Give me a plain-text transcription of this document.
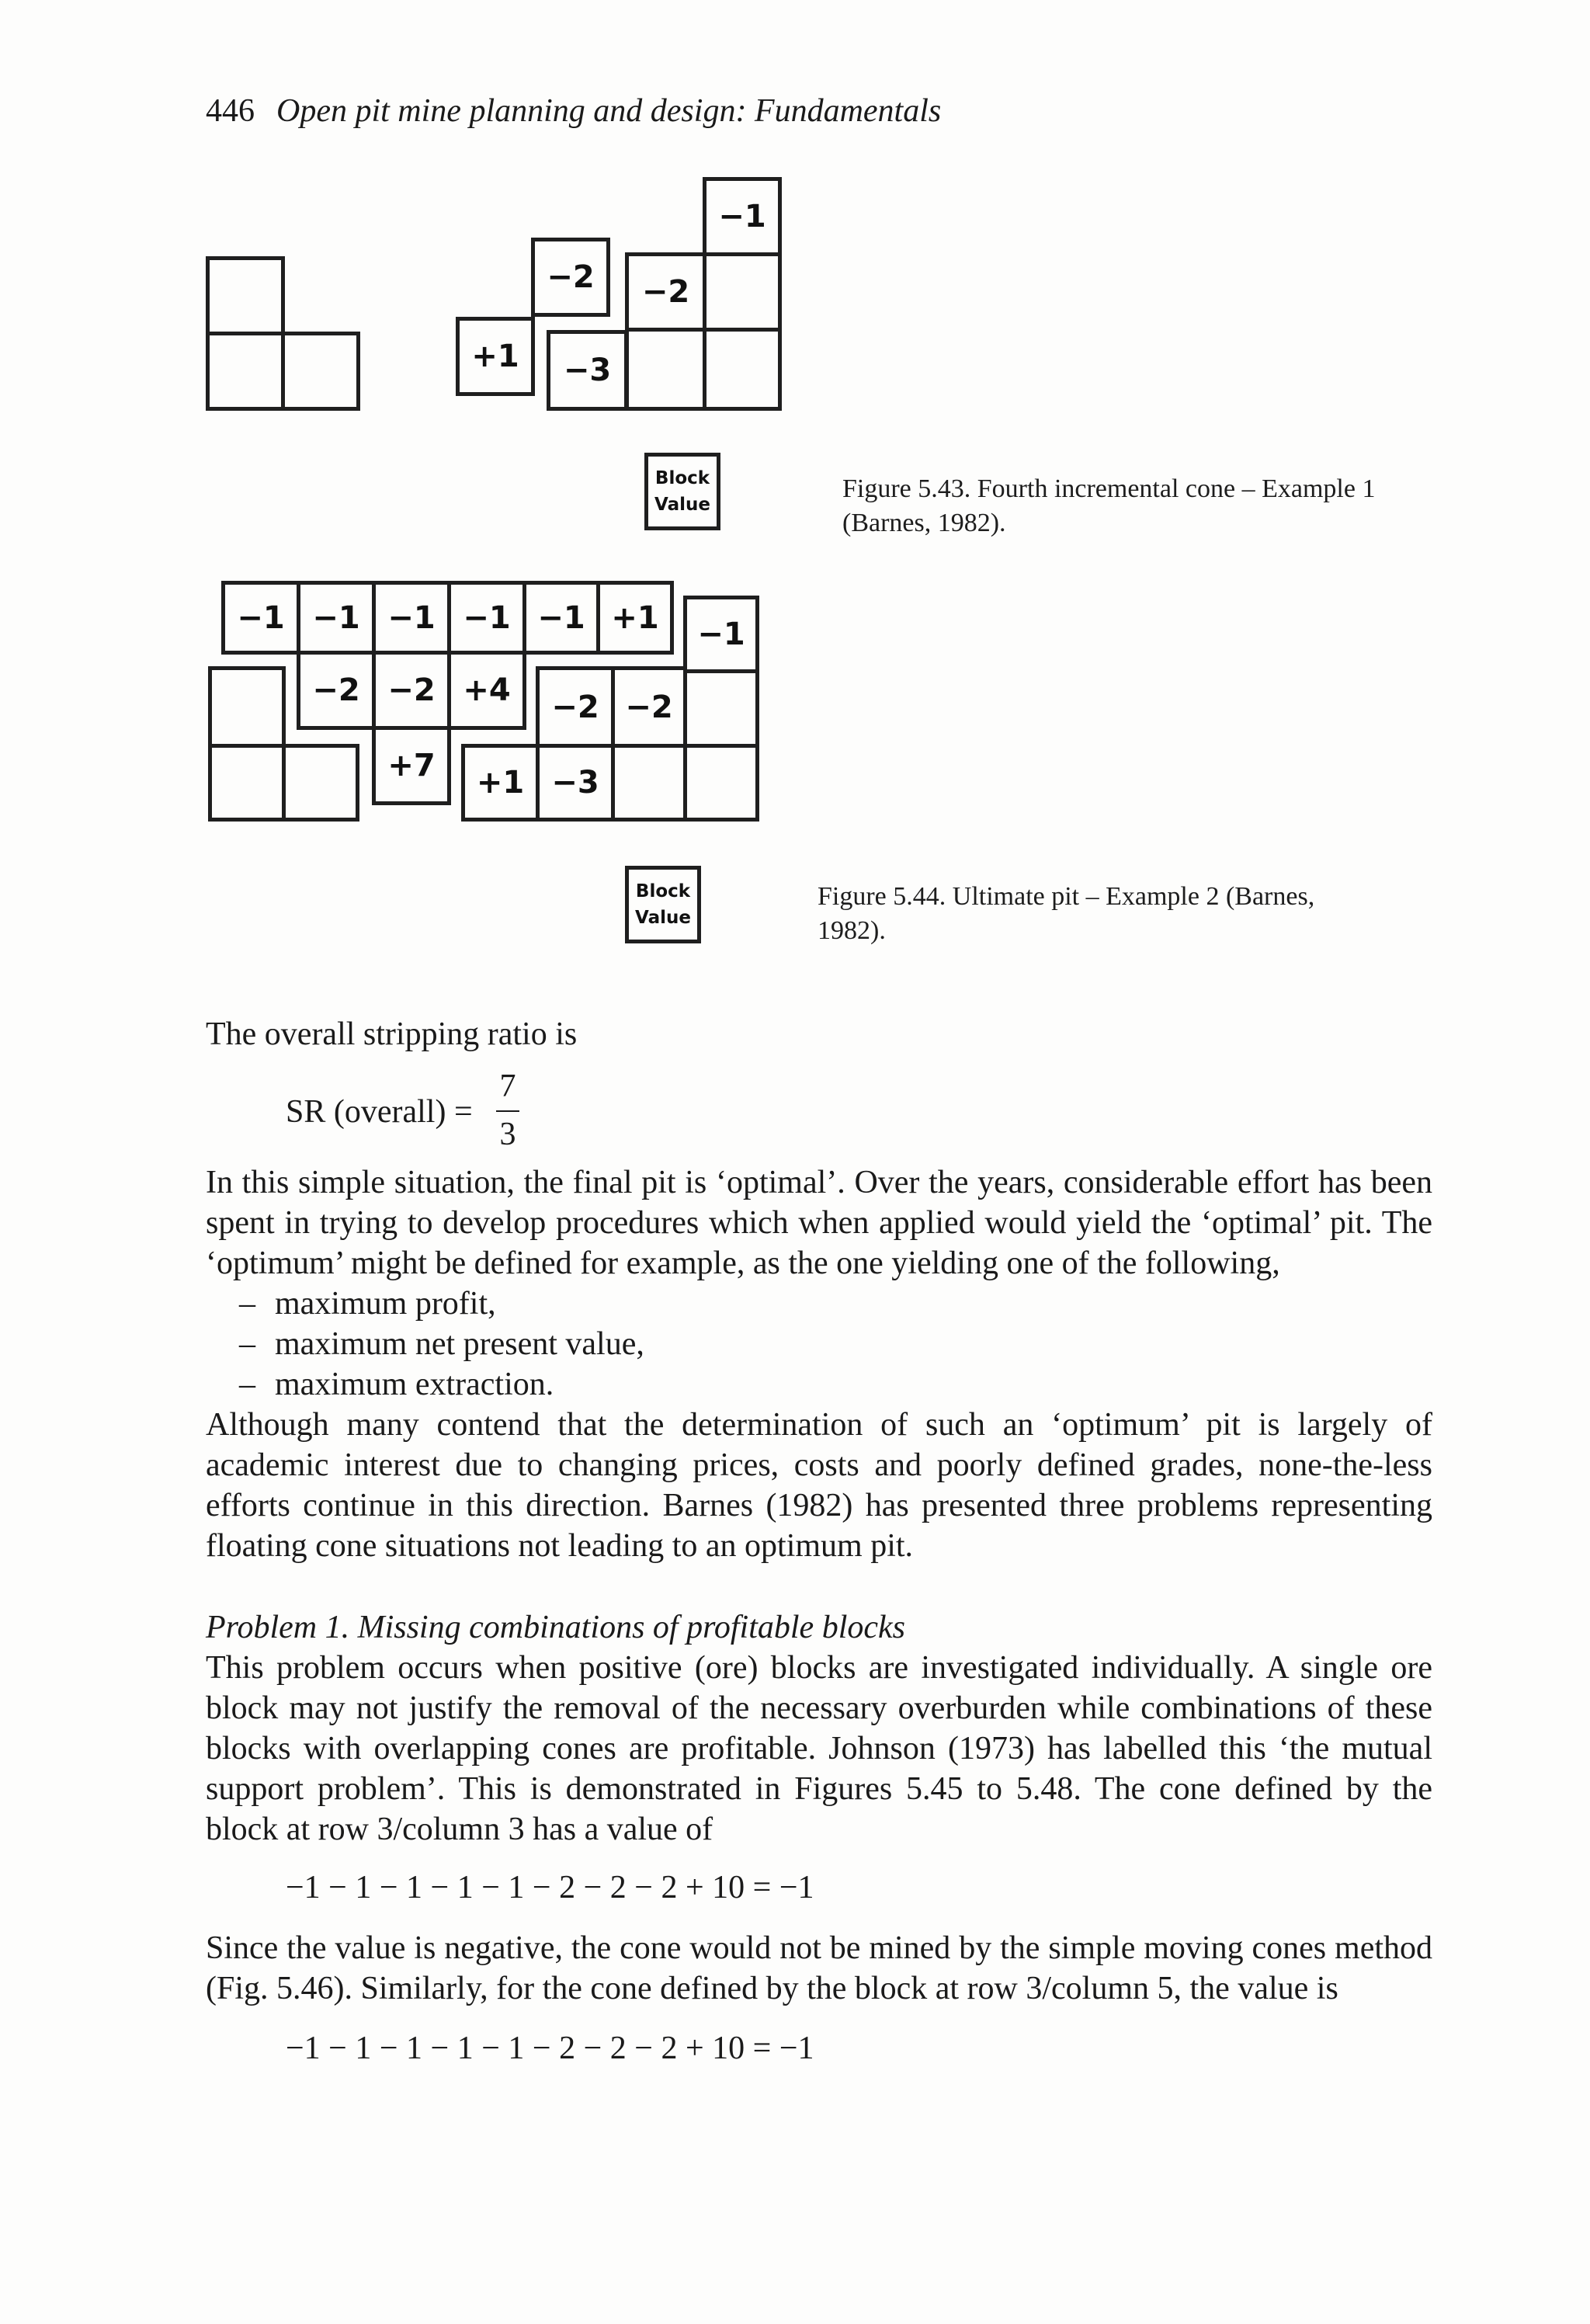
446 Open pit mine planning and design: Fundamentals
−1
−2	−2
+1	−3
Block
Value
Figure 5.43. Fourth incremental cone – Example 1
(Barnes, 1982).
−1 −1 −1 −1 −1 +1	−1
−2 −2 +4	−2 −2
+7	+1 −3
Block
Value
Figure 5.44. Ultimate pit – Example 2 (Barnes,
1982).
The overall stripping ratio is
SR (overall) =
7
3
In this simple situation, the final pit is ‘optimal’. Over the years, considerable effort has been spent in trying to develop procedures which when applied would yield the ‘optimal’ pit. The ‘optimum’ might be defined for example, as the one yielding one of the following,
– maximum profit,
– maximum net present value,
– maximum extraction.
Although many contend that the determination of such an ‘optimum’ pit is largely of academic interest due to changing prices, costs and poorly defined grades, none-the-less efforts continue in this direction. Barnes (1982) has presented three problems representing floating cone situations not leading to an optimum pit.
Problem 1. Missing combinations of profitable blocks
This problem occurs when positive (ore) blocks are investigated individually. A single ore block may not justify the removal of the necessary overburden while combinations of these blocks with overlapping cones are profitable. Johnson (1973) has labelled this ‘the mutual support problem’. This is demonstrated in Figures 5.45 to 5.48. The cone defined by the block at row 3/column 3 has a value of
−1 − 1 − 1 − 1 − 1 − 2 − 2 − 2 + 10 = −1
Since the value is negative, the cone would not be mined by the simple moving cones method (Fig. 5.46). Similarly, for the cone defined by the block at row 3/column 5, the value is
−1 − 1 − 1 − 1 − 1 − 2 − 2 − 2 + 10 = −1
